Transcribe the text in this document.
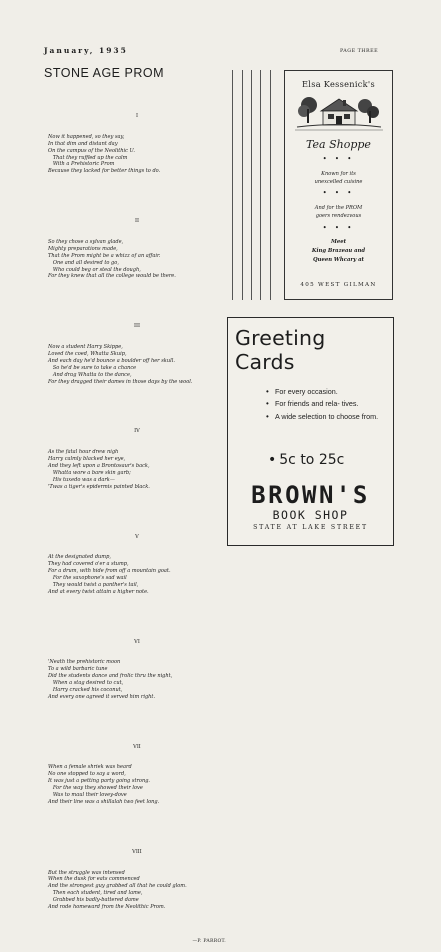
January, 1935	PAGE THREE
STONE AGE PROM

I

Now it happened, so they say,
In that dim and distant day
On the campus of the Neolithic U.
That they ruffled up the calm
With a Prehistoric Prom
Because they lacked for better things to do.

II

So they chose a sylvan glade,
Mighty preparations made,
That the Prom might be a whizz of an affair.
One and all desired to go,
Who could beg or steal the dough,
For they knew that all the college would be there.

III

Now a student Harry Skippe,
Loved the coed, Whatta Skuip,
And each day he'd bounce a boulder off her skull.
So he'd be sure to take a chance
And drag Whatta to the dance,
For they dragged their dames in those days by the wool.

IV

As the fatal hour drew nigh
Harry calmly blacked her eye,
And they left upon a Brontosaur's back,
Whatta wore a bare skin garb;
His tuxedo was a dark—
'Twas a tiger's epidermis painted black.

V

At the designated dump,
They had covered o'er a stump,
For a drum, with hide from off a mountain goat.
For the saxophone's sad wail
They would twist a panther's tail,
And at every twist attain a higher note.

VI

'Neath the prehistoric moon
To a wild barbaric tune
Did the students dance and frolic thru the night,
When a stag desired to cut,
Harry cracked his coconut,
And every one agreed it served him right.

VII

When a female shriek was heard
No one stopped to say a word,
It was just a petting party going strong.
For the way they showed their love
Was to maul their lovey-dove
And their line was a shillalah two feet long.

VIII

But the struggle was intensed
When the dusk for eats commenced
And the strongest guy grabbed all that he could glom.
Then each student, tired and lame,
Grabbed his badly-battered dame
And rode homeward from the Neolithic Prom.

—P. PARROT.

Elsa Kessenick's
Tea Shoppe
• • •
Known for its
unexcelled cuisine
• • •
And for the PROM
goers rendezvous
• • •
Meet
King Brazeau and
Queen Whcary at
405 WEST GILMAN
Greeting
Cards
• For every occasion.
• For friends and rela- tives.
• A wide selection to choose from.
• 5c to 25c
BROWN'S
BOOK SHOP
STATE AT LAKE STREET
